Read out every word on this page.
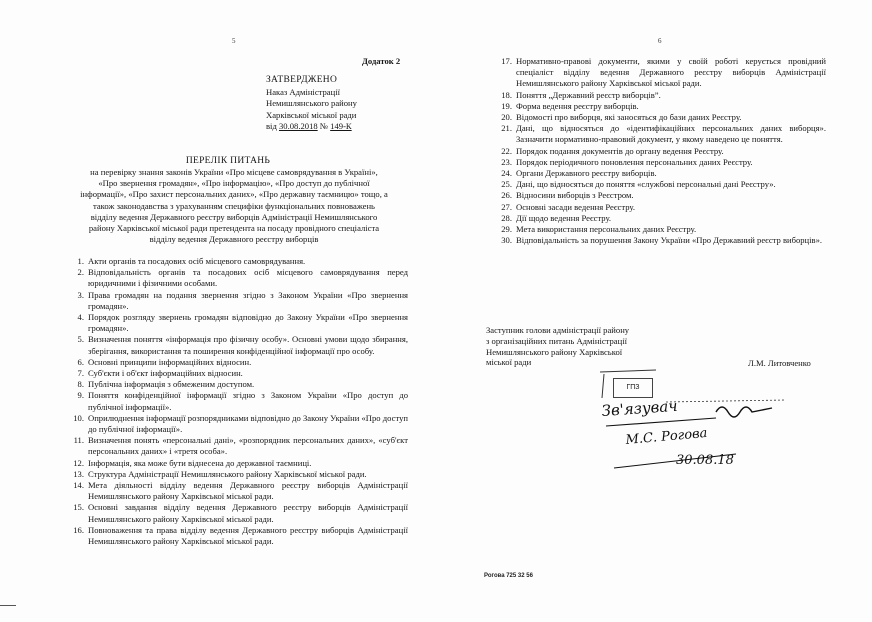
5
Додаток 2
ЗАТВЕРДЖЕНО
Наказ Адміністрації
Немишлянського району
Харківської міської ради
від 30.08.2018 № 149-К
ПЕРЕЛІК ПИТАНЬ

на перевірку знання законів України «Про місцеве самоврядування в Україні»,

«Про звернення громадян», «Про інформацію», «Про доступ до публічної

інформації», «Про захист персональних даних», «Про державну таємницю» тощо, а

також законодавства з урахуванням специфіки функціональних повноважень

відділу ведення Державного реєстру виборців Адміністрації Немишлянського

району Харківської міської ради претендента на посаду провідного спеціаліста

відділу ведення Державного реєстру виборців

1. Акти органів та посадових осіб місцевого самоврядування.
2. Відповідальність органів та посадових осіб місцевого самоврядування перед юридичними і фізичними особами.
3. Права громадян на подання звернення згідно з Законом України «Про звернення громадян».
4. Порядок розгляду звернень громадян відповідно до Закону України «Про звернення громадян».
5. Визначення поняття «інформація про фізичну особу». Основні умови щодо збирання, зберігання, використання та поширення конфіденційної інформації про особу.
6. Основні принципи інформаційних відносин.
7. Суб'єкти і об'єкт інформаційних відносин.
8. Публічна інформація з обмеженим доступом.
9. Поняття конфіденційної інформації згідно з Законом України «Про доступ до публічної інформації».
10. Оприлюднення інформації розпорядниками відповідно до Закону України «Про доступ до публічної інформації».
11. Визначення понять «персональні дані», «розпорядник персональних даних», «суб'єкт персональних даних» і «третя особа».
12. Інформація, яка може бути віднесена до державної таємниці.
13. Структура Адміністрації Немишлянського району Харківської міської ради.
14. Мета діяльності відділу ведення Державного реєстру виборців Адміністрації Немишлянського району Харківської міської ради.
15. Основні завдання відділу ведення Державного реєстру виборців Адміністрації Немишлянського району Харківської міської ради.
16. Повноваження та права відділу ведення Державного реєстру виборців Адміністрації Немишлянського району Харківської міської ради.
6
17. Нормативно-правові документи, якими у своїй роботі керується провідний спеціаліст відділу ведення Державного реєстру виборців Адміністрації Немишлянського району Харківської міської ради.
18. Поняття „Державний реєстр виборців”.
19. Форма ведення реєстру виборців.
20. Відомості про виборця, які заносяться до бази даних Реєстру.
21. Дані, що відносяться до «ідентифікаційних персональних даних виборця». Зазначити нормативно-правовий документ, у якому наведено це поняття.
22. Порядок подання документів до органу ведення Реєстру.
23. Порядок періодичного поновлення персональних даних Реєстру.
24. Органи Державного реєстру виборців.
25. Дані, що відносяться до поняття «службові персональні дані Реєстру».
26. Відносини виборців з Реєстром.
27. Основні засади ведення Реєстру.
28. Дії щодо ведення Реєстру.
29. Мета використання персональних даних Реєстру.
30. Відповідальність за порушення Закону України «Про Державний реєстр виборців».
Заступник голови адміністрації району
з організаційних питань Адміністрації
Немишлянського району Харківської
міської ради	Л.М. Литовченко
Рогова 725 32 56
ГПЗ
Зв'язувач
М.С. Рогова
30.08.18
